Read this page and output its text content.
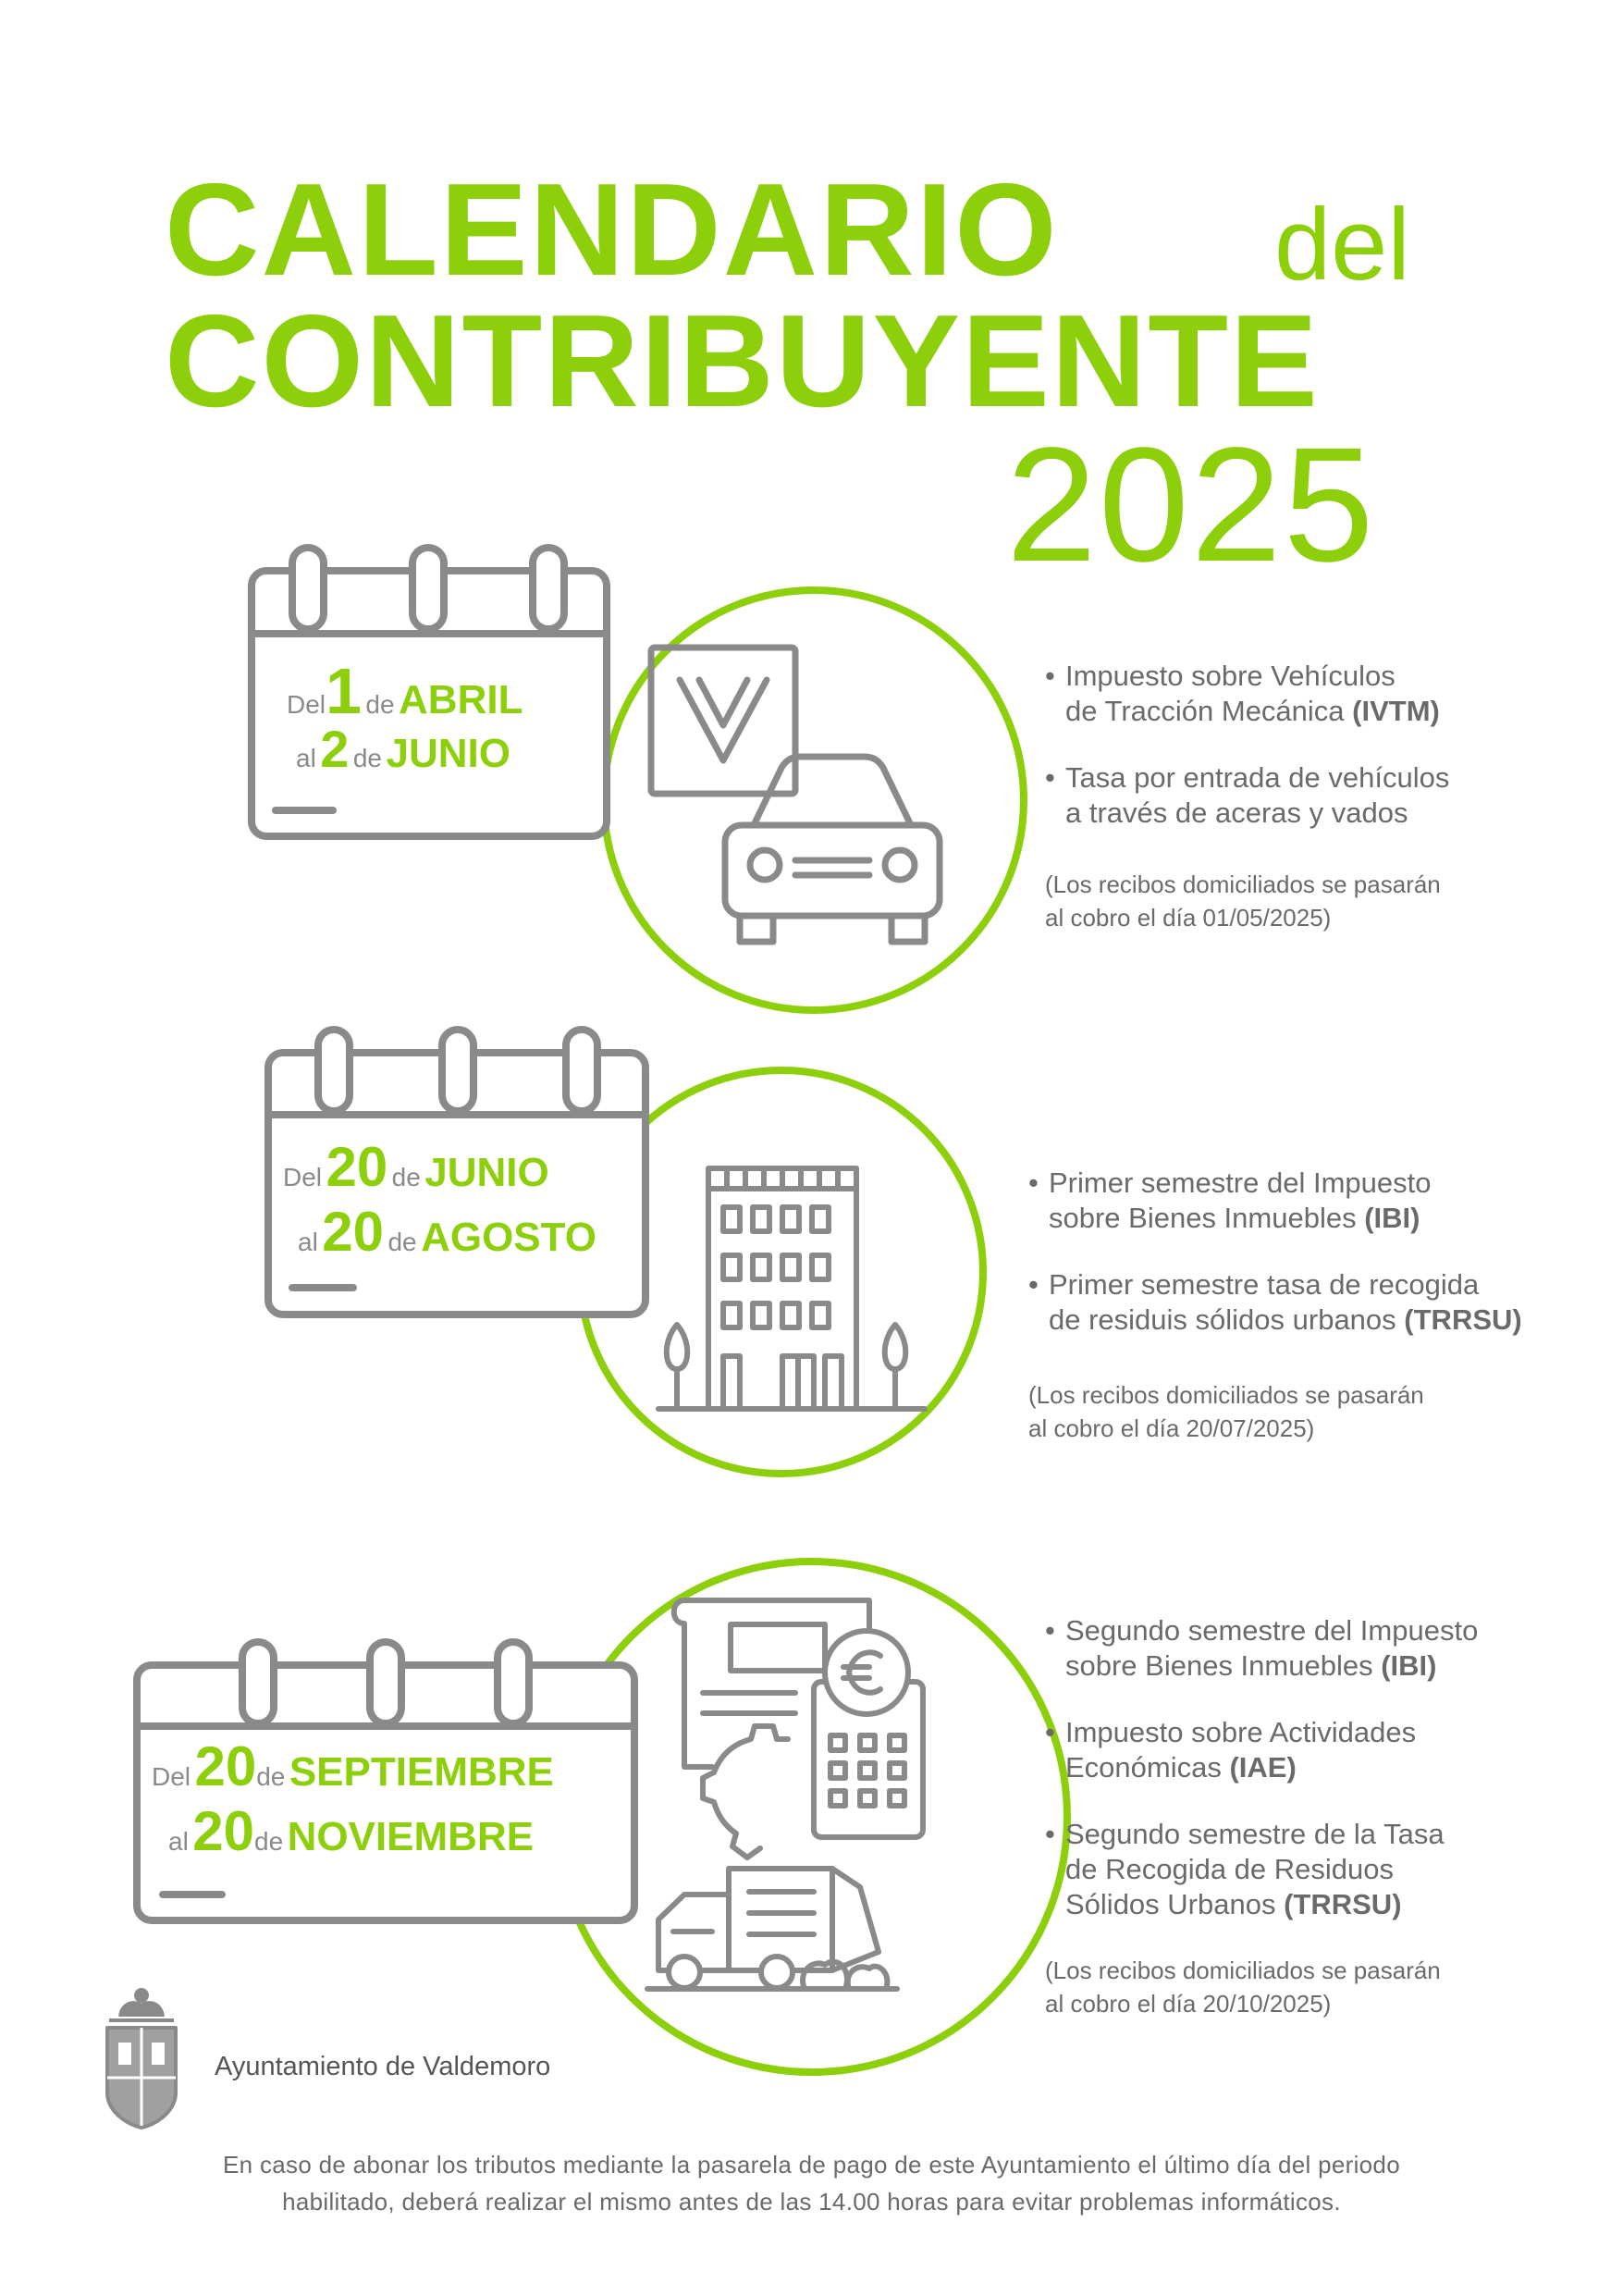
CALENDARIO del
CONTRIBUYENTE
2025
Del1 de ABRIL
al 2 de JUNIO
Del 20 de JUNIO
al 20 de AGOSTO
Del 20de SEPTIEMBRE
al 20de NOVIEMBRE
• Impuesto sobre Vehículos
de Tracción Mecánica (IVTM)
• Tasa por entrada de vehículos
a través de aceras y vados
(Los recibos domiciliados se pasarán
al cobro el día 01/05/2025)
• Primer semestre del Impuesto
sobre Bienes Inmuebles (IBI)
• Primer semestre tasa de recogida
de residuis sólidos urbanos (TRRSU)
(Los recibos domiciliados se pasarán
al cobro el día 20/07/2025)
• Segundo semestre del Impuesto
sobre Bienes Inmuebles (IBI)
• Impuesto sobre Actividades
Económicas (IAE)
• Segundo semestre de la Tasa
de Recogida de Residuos
Sólidos Urbanos (TRRSU)
(Los recibos domiciliados se pasarán
al cobro el día 20/10/2025)
Ayuntamiento de Valdemoro
En caso de abonar los tributos mediante la pasarela de pago de este Ayuntamiento el último día del periodo
habilitado, deberá realizar el mismo antes de las 14.00 horas para evitar problemas informáticos.
